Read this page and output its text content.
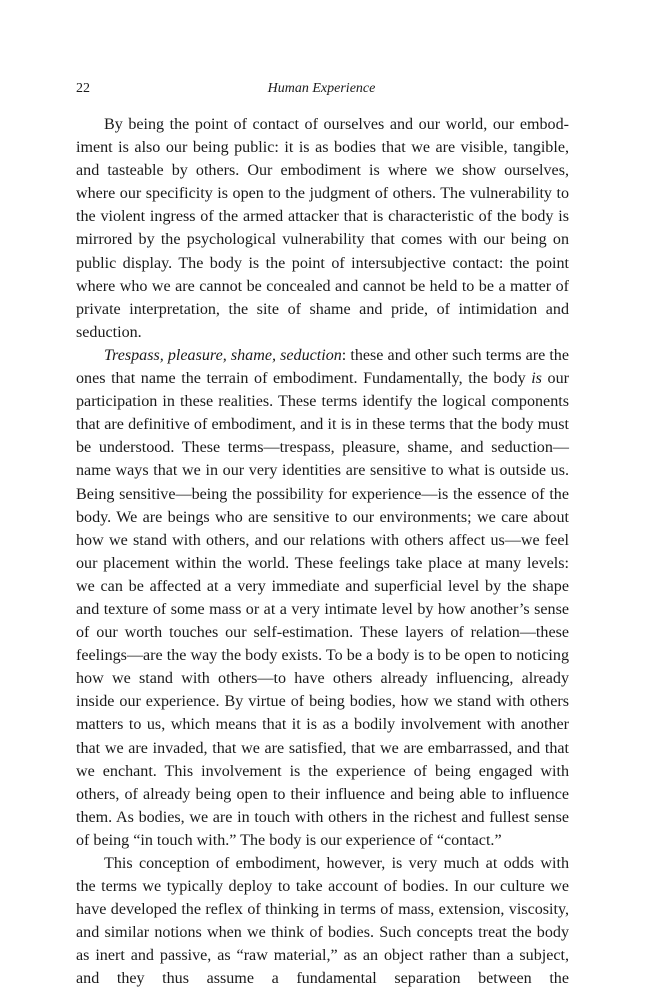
22	Human Experience

By being the point of contact of ourselves and our world, our embodiment is also our being public: it is as bodies that we are visible, tangible, and tasteable by others. Our embodiment is where we show ourselves, where our specificity is open to the judgment of others. The vulnerability to the violent ingress of the armed attacker that is characteristic of the body is mirrored by the psychological vulnerability that comes with our being on public display. The body is the point of intersubjective contact: the point where who we are cannot be concealed and cannot be held to be a matter of private interpretation, the site of shame and pride, of intimidation and seduction.

Trespass, pleasure, shame, seduction: these and other such terms are the ones that name the terrain of embodiment. Fundamentally, the body is our participation in these realities. These terms identify the logical components that are definitive of embodiment, and it is in these terms that the body must be understood. These terms—trespass, pleasure, shame, and seduction—name ways that we in our very identities are sensitive to what is outside us. Being sensitive—being the possibility for experience—is the essence of the body. We are beings who are sensitive to our environments; we care about how we stand with others, and our relations with others affect us—we feel our placement within the world. These feelings take place at many levels: we can be affected at a very immediate and superficial level by the shape and texture of some mass or at a very intimate level by how another’s sense of our worth touches our self-estimation. These layers of relation—these feelings—are the way the body exists. To be a body is to be open to noticing how we stand with others—to have others already influencing, already inside our experience. By virtue of being bodies, how we stand with others matters to us, which means that it is as a bodily involvement with another that we are invaded, that we are satisfied, that we are embarrassed, and that we enchant. This involvement is the experience of being engaged with others, of already being open to their influence and being able to influence them. As bodies, we are in touch with others in the richest and fullest sense of being “in touch with.” The body is our experience of “contact.”

This conception of embodiment, however, is very much at odds with the terms we typically deploy to take account of bodies. In our culture we have developed the reflex of thinking in terms of mass, extension, viscosity, and similar notions when we think of bodies. Such concepts treat the body as inert and passive, as “raw material,” as an object rather than a subject, and they thus assume a fundamental separation between the
